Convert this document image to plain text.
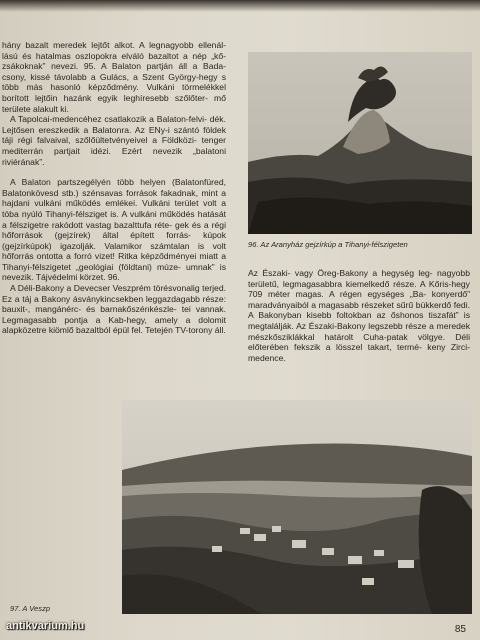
hány bazalt meredek lejtőt alkot. A legnagyobb ellenál- lású és hatalmas oszlopokra elváló bazaltot a nép „kő- zsákoknak” nevezi. 95. A Balaton partján áll a Bada- csony, kissé távolabb a Gulács, a Szent György-hegy s több más hasonló képződmény. Vulkáni törmelékkel borított lejtőin hazánk egyik leghíresebb szőlőter- mő területe alakult ki.

A Tapolcai-medencéhez csatlakozik a Balaton-felvi- dék. Lejtősen ereszkedik a Balatonra. Az ENy-i szántó földek táji régi falvaival, szőlőültetvényeivel a Földközi- tenger mediterrán partjait idézi. Ezért nevezik „balatoni riviérának”.

A Balaton partszegélyén több helyen (Balatonfüred, Balatonkövesd stb.) szénsavas források fakadnak, mint a hajdani vulkáni működés emlékei. Vulkáni terület volt a tóba nyúló Tihanyi-félsziget is. A vulkáni működés hatását a félszigetre rakódott vastag bazalttufa réte- gek és a régi hőforrások (gejzírek) által épített forrás- kúpok (gejzírkúpok) igazolják. Valamikor számtalan is volt hőforrás ontotta a forró vizet! Ritka képződményei miatt a Tihanyi-félszigetet „geológiai (földtani) múze- umnak” is nevezik. Tájvédelmi körzet. 96.

A Déli-Bakony a Devecser Veszprém törésvonalig terjed. Ez a táj a Bakony ásványkincsekben leggazdagabb része: bauxit-, mangánérc- és barnakőszénkészle- tei vannak. Legmagasabb pontja a Kab-hegy, amely a dolomit alapközetre kiömlő bazaltból épül fel. Tetején TV-torony áll.

96. Az Aranyház gejzírkúp a Tihanyi-félszigeten

Az Északi- vagy Öreg-Bakony a hegység leg- nagyobb területű, legmagasabbra kiemelkedő része. A Kőris-hegy 709 méter magas. A régen egységes „Ba- konyerdő” maradványaiból a magasabb részeket sűrű bükkerdő fedi. A Bakonyban kisebb foltokban az őshonos tiszafát” is megtalálják. Az Északi-Bakony legszebb része a meredek mészkősziklákkal határolt Cuha-patak völgye. Déli előterében fekszik a lösszel takart, termé- keny Zirci-medence.

97. A Veszp
antikvarium.hu	85
